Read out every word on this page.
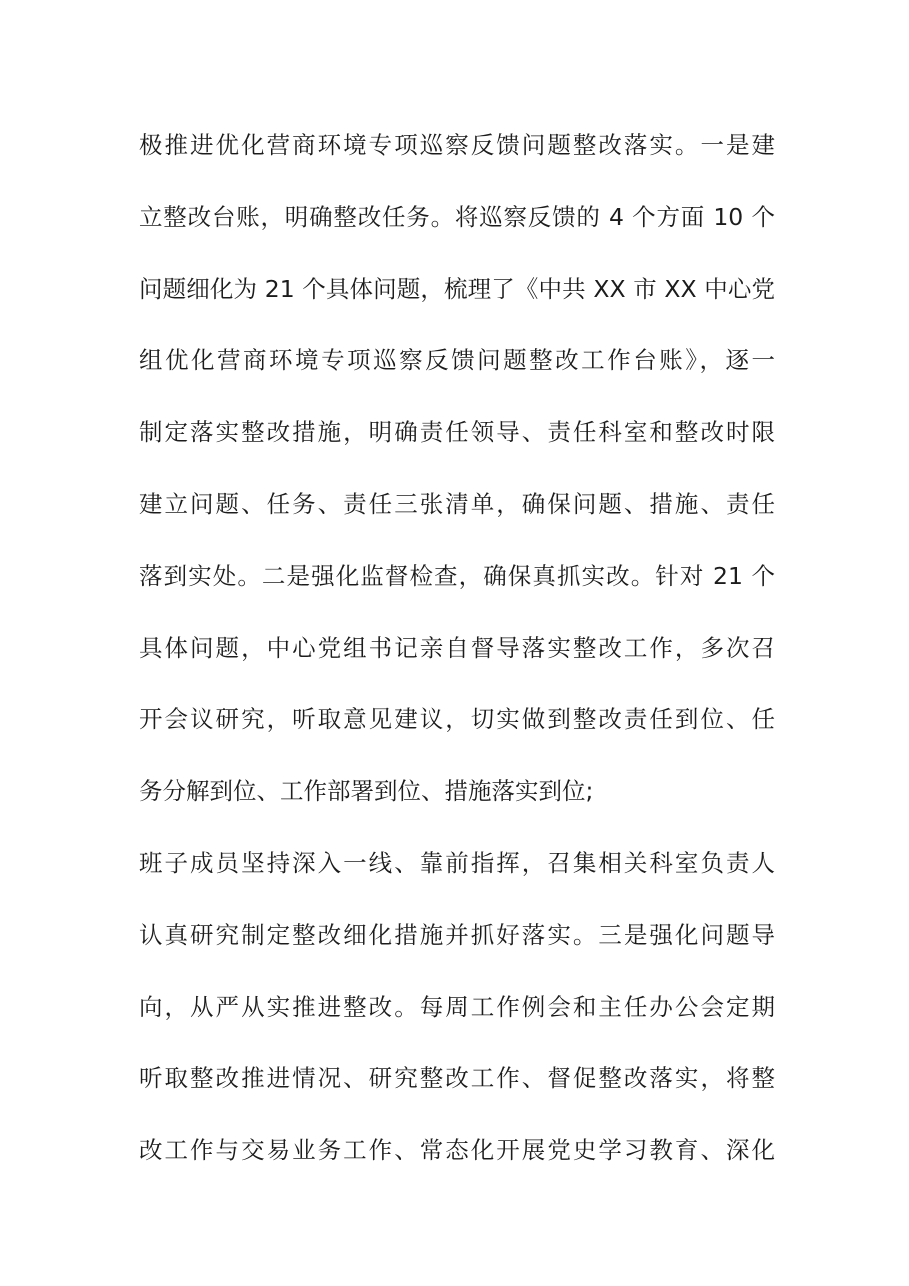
极推进优化营商环境专项巡察反馈问题整改落实。一是建
立整改台账，明确整改任务。将巡察反馈的 4 个方面 10 个
问题细化为 21 个具体问题，梳理了《中共 XX 市 XX 中心党
组优化营商环境专项巡察反馈问题整改工作台账》，逐一
制定落实整改措施，明确责任领导、责任科室和整改时限
建立问题、任务、责任三张清单，确保问题、措施、责任
落到实处。二是强化监督检查，确保真抓实改。针对 21 个
具体问题，中心党组书记亲自督导落实整改工作，多次召
开会议研究，听取意见建议，切实做到整改责任到位、任
务分解到位、工作部署到位、措施落实到位;
班子成员坚持深入一线、靠前指挥，召集相关科室负责人
认真研究制定整改细化措施并抓好落实。三是强化问题导
向，从严从实推进整改。每周工作例会和主任办公会定期
听取整改推进情况、研究整改工作、督促整改落实，将整
改工作与交易业务工作、常态化开展党史学习教育、深化
